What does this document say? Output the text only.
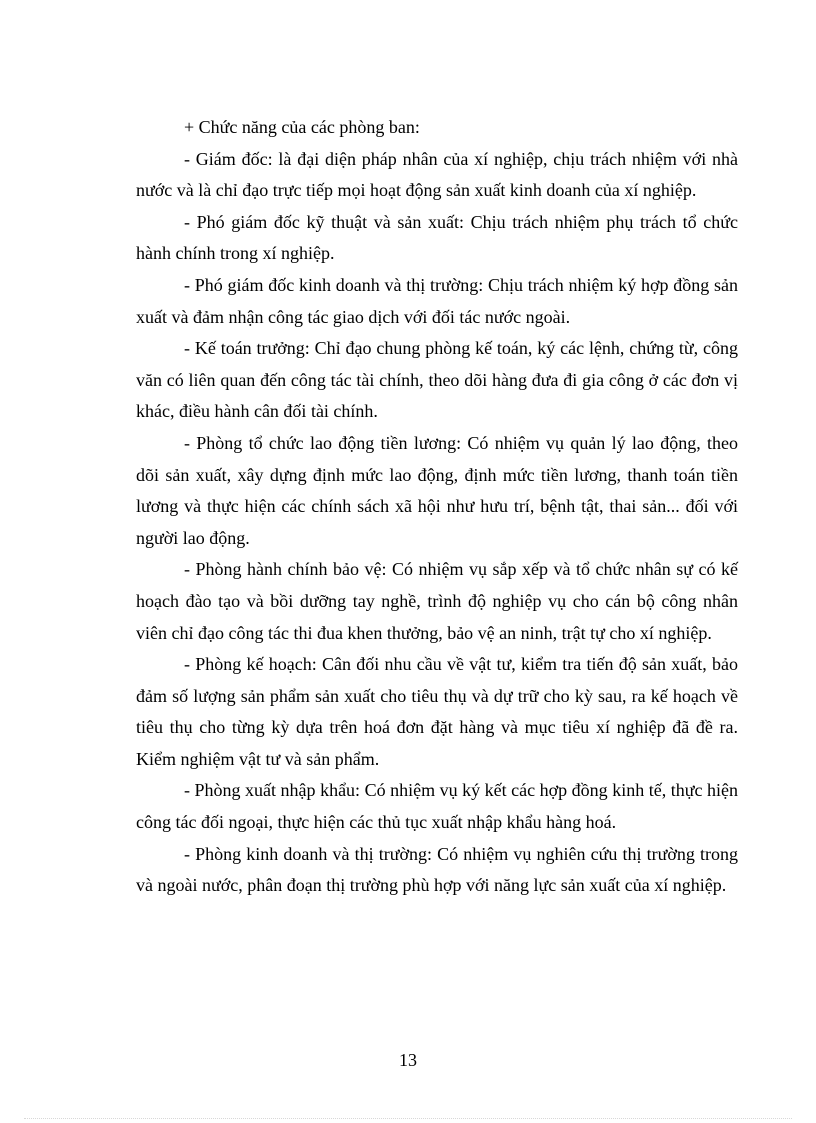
+ Chức năng của các phòng ban:

- Giám đốc: là đại diện pháp nhân của xí nghiệp, chịu trách nhiệm với nhà nước và là chỉ đạo trực tiếp mọi hoạt động sản xuất kinh doanh của xí nghiệp.

- Phó giám đốc kỹ thuật và sản xuất: Chịu trách nhiệm phụ trách tổ chức hành chính trong xí nghiệp.

- Phó giám đốc kinh doanh và thị trường: Chịu trách nhiệm ký hợp đồng sản xuất và đảm nhận công tác giao dịch với đối tác nước ngoài.

- Kế toán trưởng: Chỉ đạo chung phòng kế toán, ký các lệnh, chứng từ, công văn có liên quan đến công tác tài chính, theo dõi hàng đưa đi gia công ở các đơn vị khác, điều hành cân đối tài chính.

- Phòng tổ chức lao động tiền lương: Có nhiệm vụ quản lý lao động, theo dõi sản xuất, xây dựng định mức lao động, định mức tiền lương, thanh toán tiền lương và thực hiện các chính sách xã hội như hưu trí, bệnh tật, thai sản... đối với người lao động.

- Phòng hành chính bảo vệ: Có nhiệm vụ sắp xếp và tổ chức nhân sự có kế hoạch đào tạo và bồi dưỡng tay nghề, trình độ nghiệp vụ cho cán bộ công nhân viên chỉ đạo công tác thi đua khen thưởng, bảo vệ an ninh, trật tự cho xí nghiệp.

- Phòng kế hoạch: Cân đối nhu cầu về vật tư, kiểm tra tiến độ sản xuất, bảo đảm số lượng sản phẩm sản xuất cho tiêu thụ và dự trữ cho kỳ sau, ra kế hoạch về tiêu thụ cho từng kỳ dựa trên hoá đơn đặt hàng và mục tiêu xí nghiệp đã đề ra. Kiểm nghiệm vật tư và sản phẩm.

- Phòng xuất nhập khẩu: Có nhiệm vụ ký kết các hợp đồng kinh tế, thực hiện công tác đối ngoại, thực hiện các thủ tục xuất nhập khẩu hàng hoá.

- Phòng kinh doanh và thị trường: Có nhiệm vụ nghiên cứu thị trường trong và ngoài nước, phân đoạn thị trường phù hợp với năng lực sản xuất của xí nghiệp.

13
